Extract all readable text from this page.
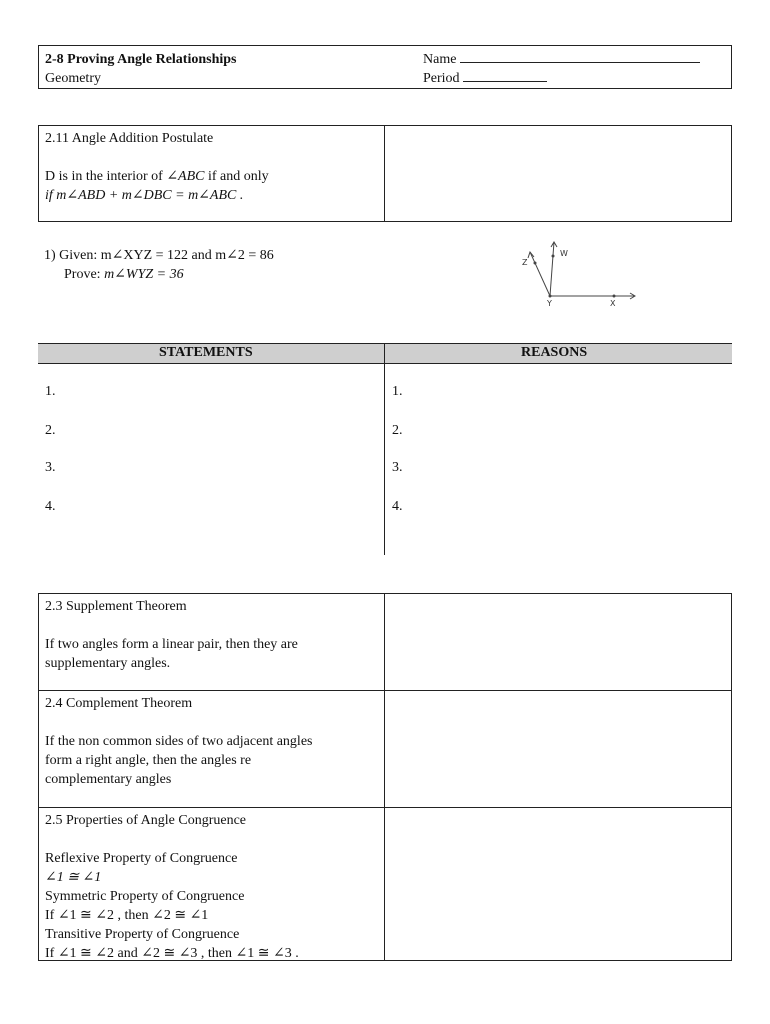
2-8 Proving Angle Relationships
Geometry
Name
Period
2.11 Angle Addition Postulate
D is in the interior of ∠ABC if and only
if m∠ABD + m∠DBC = m∠ABC .
1) Given: m∠XYZ = 122 and m∠2 = 86
Prove: m∠WYZ = 36
Z
W
Y	X
STATEMENTS	REASONS
1.
2.
3.
4.
1.
2.
3.
4.
2.3 Supplement Theorem
If two angles form a linear pair, then they are
supplementary angles.
2.4 Complement Theorem
If the non common sides of two adjacent angles
form a right angle, then the angles re
complementary angles
2.5 Properties of Angle Congruence
Reflexive Property of Congruence
∠1 ≅ ∠1
Symmetric Property of Congruence
If ∠1 ≅ ∠2 , then ∠2 ≅ ∠1
Transitive Property of Congruence
If ∠1 ≅ ∠2 and ∠2 ≅ ∠3 , then ∠1 ≅ ∠3 .
